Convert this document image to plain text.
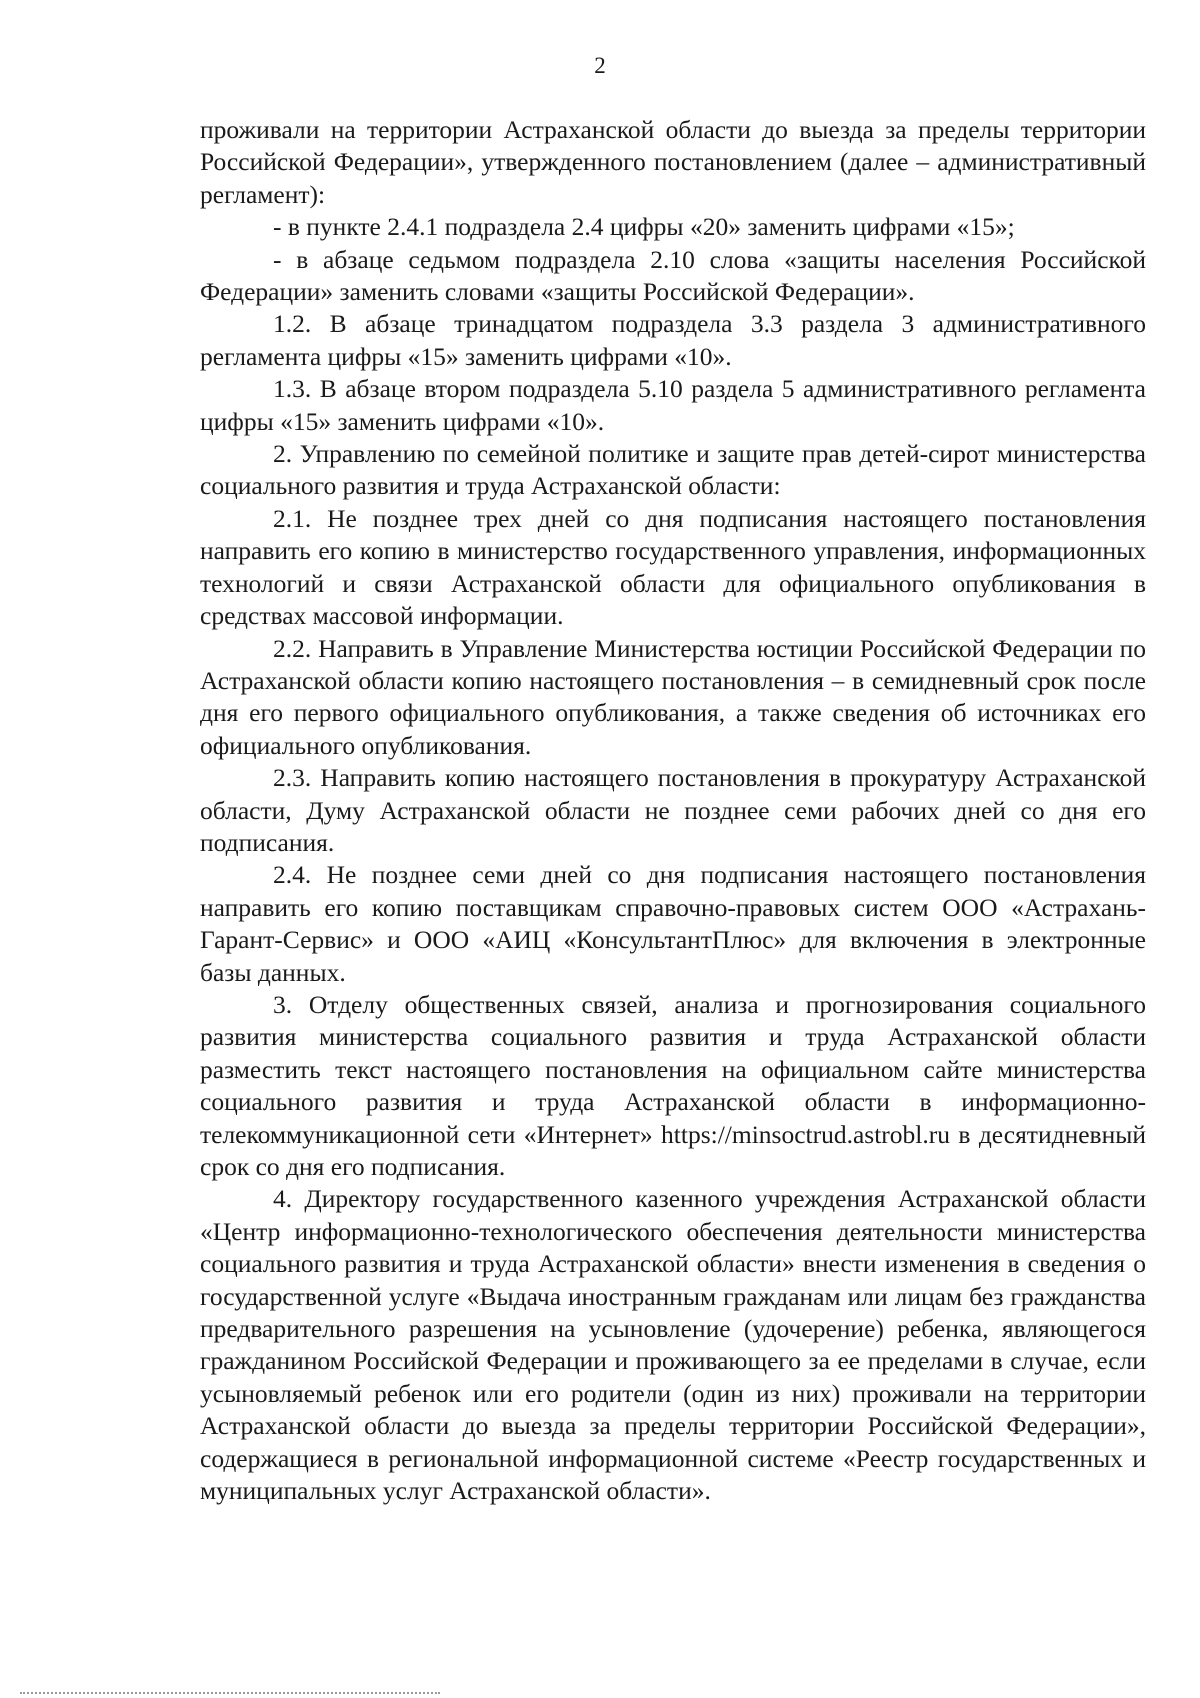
2

проживали на территории Астраханской области до выезда за пределы территории Российской Федерации», утвержденного постановлением (далее – административный регламент):

- в пункте 2.4.1 подраздела 2.4 цифры «20» заменить цифрами «15»;

- в абзаце седьмом подраздела 2.10 слова «защиты населения Российской Федерации» заменить словами «защиты Российской Федерации».

1.2. В абзаце тринадцатом подраздела 3.3 раздела 3 административного регламента цифры «15» заменить цифрами «10».

1.3. В абзаце втором подраздела 5.10 раздела 5 административного регламента цифры «15» заменить цифрами «10».

2. Управлению по семейной политике и защите прав детей-сирот министерства социального развития и труда Астраханской области:

2.1. Не позднее трех дней со дня подписания настоящего постановления направить его копию в министерство государственного управления, информационных технологий и связи Астраханской области для официального опубликования в средствах массовой информации.

2.2. Направить в Управление Министерства юстиции Российской Федерации по Астраханской области копию настоящего постановления – в семидневный срок после дня его первого официального опубликования, а также сведения об источниках его официального опубликования.

2.3. Направить копию настоящего постановления в прокуратуру Астраханской области, Думу Астраханской области не позднее семи рабочих дней со дня его подписания.

2.4. Не позднее семи дней со дня подписания настоящего постановления направить его копию поставщикам справочно-правовых систем ООО «Астрахань-Гарант-Сервис» и ООО «АИЦ «КонсультантПлюс» для включения в электронные базы данных.

3. Отделу общественных связей, анализа и прогнозирования социального развития министерства социального развития и труда Астраханской области разместить текст настоящего постановления на официальном сайте министерства социального развития и труда Астраханской области в информационно-телекоммуникационной сети «Интернет» https://minsoctrud.astrobl.ru в десятидневный срок со дня его подписания.

4. Директору государственного казенного учреждения Астраханской области «Центр информационно-технологического обеспечения деятельности министерства социального развития и труда Астраханской области» внести изменения в сведения о государственной услуге «Выдача иностранным гражданам или лицам без гражданства предварительного разрешения на усыновление (удочерение) ребенка, являющегося гражданином Российской Федерации и проживающего за ее пределами в случае, если усыновляемый ребенок или его родители (один из них) проживали на территории Астраханской области до выезда за пределы территории Российской Федерации», содержащиеся в региональной информационной системе «Реестр государственных и муниципальных услуг Астраханской области».
